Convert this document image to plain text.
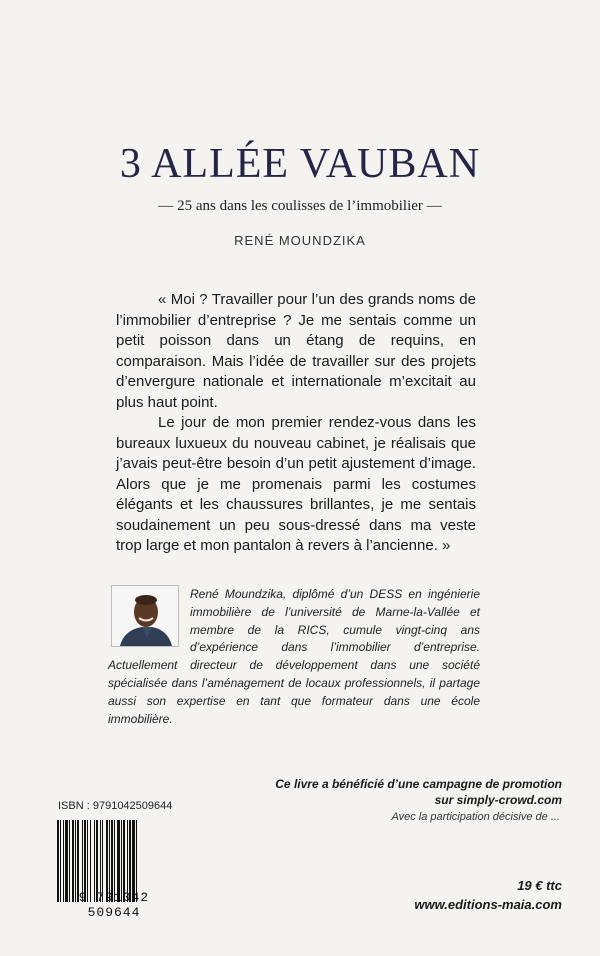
3 ALLÉE VAUBAN
— 25 ans dans les coulisses de l’immobilier —
RENÉ MOUNDZIKA

« Moi ? Travailler pour l’un des grands noms de l’immobilier d’entreprise ? Je me sentais comme un petit poisson dans un étang de requins, en comparaison. Mais l’idée de travailler sur des projets d’envergure nationale et internationale m’excitait au plus haut point.

Le jour de mon premier rendez-vous dans les bureaux luxueux du nouveau cabinet, je réalisais que j’avais peut-être besoin d’un petit ajustement d’image. Alors que je me promenais parmi les costumes élégants et les chaussures brillantes, je me sentais soudainement un peu sous-dressé dans ma veste trop large et mon pantalon à revers à l’ancienne. »

René Moundzika, diplômé d’un DESS en ingénierie immobilière de l’université de Marne-la-Vallée et membre de la RICS, cumule vingt-cinq ans d’expérience dans l’immobilier d’entreprise. Actuellement directeur de développement dans une société spécialisée dans l’aménagement de locaux professionnels, il partage aussi son expertise en tant que formateur dans une école immobilière.
Ce livre a bénéficié d’une campagne de promotion
sur simply-crowd.com
Avec la participation décisive de ...
ISBN : 9791042509644
9 791042 509644
19 € ttc
www.editions-maia.com
